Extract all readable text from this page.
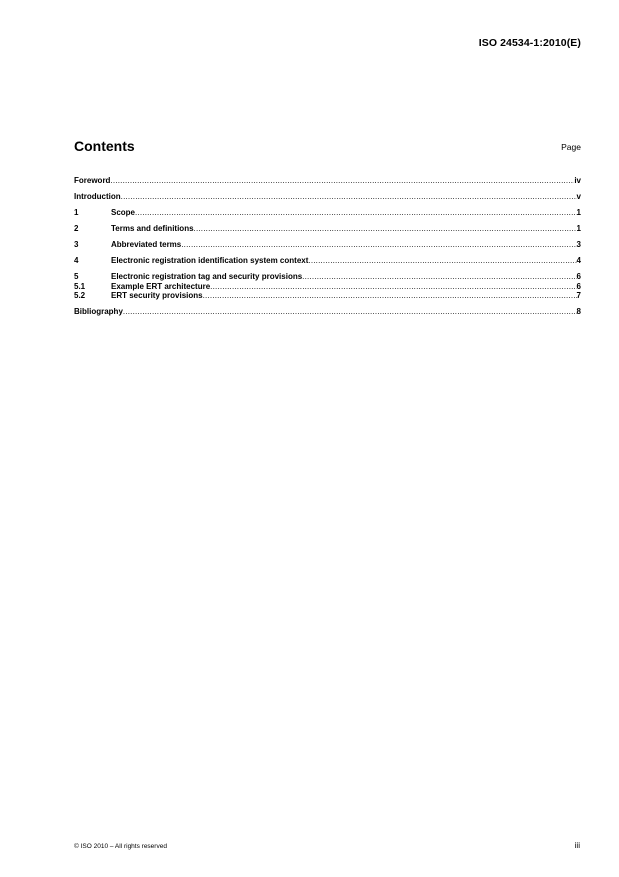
ISO 24534-1:2010(E)
Contents	Page
Foreword .....	iv
Introduction .....	v
1	Scope .....	1
2	Terms and definitions .....	1
3	Abbreviated terms .....	3
4	Electronic registration identification system context .....	4
5	Electronic registration tag and security provisions .....	6
5.1	Example ERT architecture .....	6
5.2	ERT security provisions .....	7
Bibliography .....	8
© ISO 2010 – All rights reserved	iii
